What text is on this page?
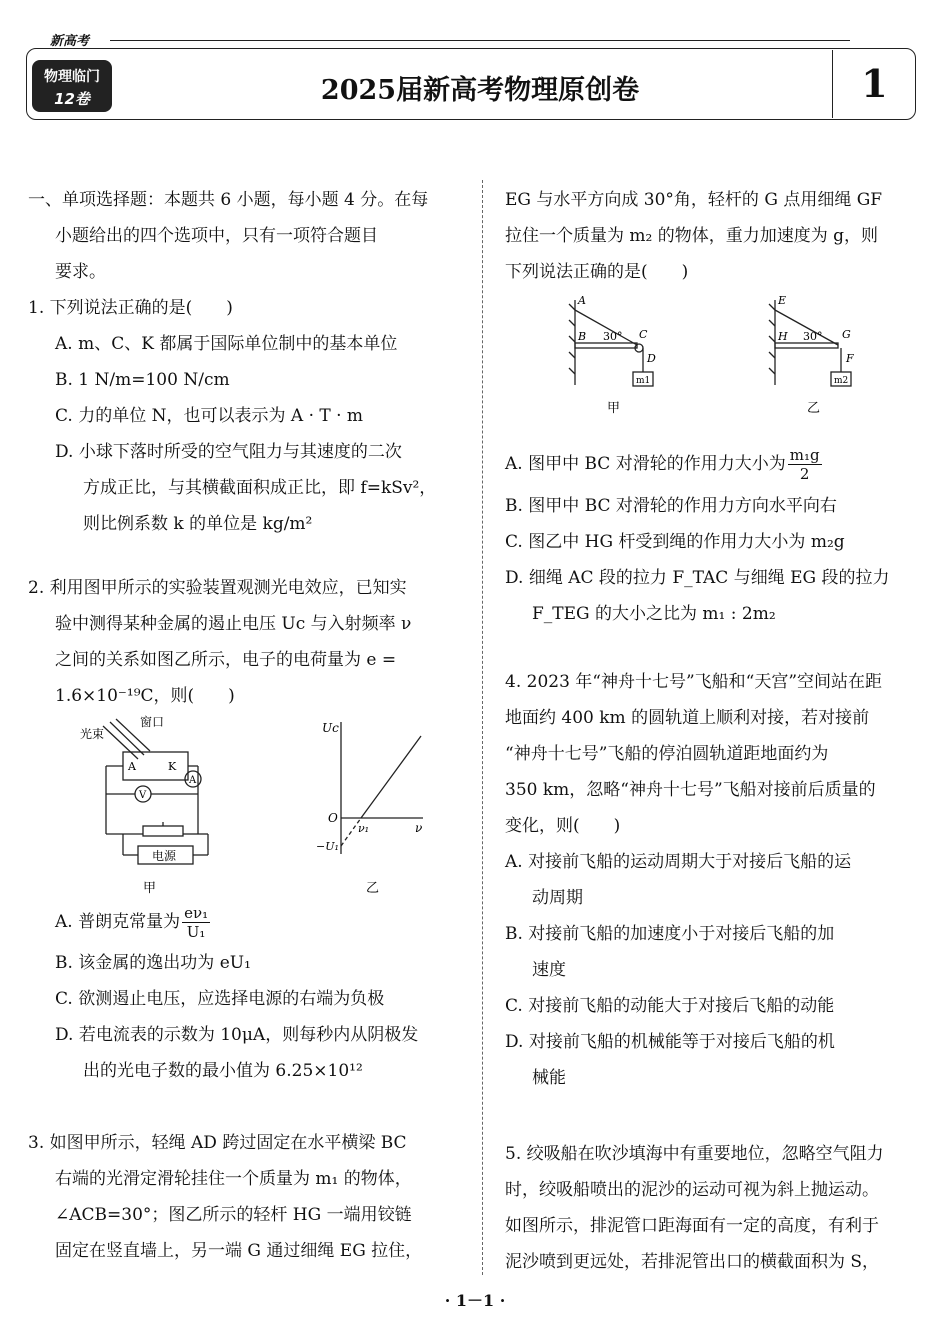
新高考
物理临门
12卷	2025届新高考物理原创卷	1

一、单项选择题：本题共 6 小题，每小题 4 分。在每

小题给出的四个选项中，只有一项符合题目

要求。

1. 下列说法正确的是(　　)

A. m、C、K 都属于国际单位制中的基本单位

B. 1 N/m=100 N/cm

C. 力的单位 N，也可以表示为 A · T · m

D. 小球下落时所受的空气阻力与其速度的二次

方成正比，与其横截面积成正比，即 f=kSv²，

则比例系数 k 的单位是 kg/m²

2. 利用图甲所示的实验装置观测光电效应，已知实

验中测得某种金属的遏止电压 Uc 与入射频率 ν

之间的关系如图乙所示，电子的电荷量为 e =

1.6×10⁻¹⁹C，则(　　)

窗口
光束
K
A
V
A
电源
甲
Uc
ν
O
ν₁
−U₁
乙

A. 普朗克常量为 $\frac{\text{eν₁}}{\text{U₁}}$

B. 该金属的逸出功为 eU₁

C. 欲测遏止电压，应选择电源的右端为负极

D. 若电流表的示数为 10μA，则每秒内从阴极发

出的光电子数的最小值为 6.25×10¹²

3. 如图甲所示，轻绳 AD 跨过固定在水平横梁 BC

右端的光滑定滑轮挂住一个质量为 m₁ 的物体，

∠ACB=30°；图乙所示的轻杆 HG 一端用铰链

固定在竖直墙上，另一端 G 通过细绳 EG 拉住，

EG 与水平方向成 30°角，轻杆的 G 点用细绳 GF

拉住一个质量为 m₂ 的物体，重力加速度为 g，则

下列说法正确的是(　　)

A
B	C
D
30°
m1
E
H	G
F
30°
m2
甲	乙

A. 图甲中 BC 对滑轮的作用力大小为 $\frac{\text{m₁g}}{2}$

B. 图甲中 BC 对滑轮的作用力方向水平向右

C. 图乙中 HG 杆受到绳的作用力大小为 m₂g

D. 细绳 AC 段的拉力 F_TAC 与细绳 EG 段的拉力

F_TEG 的大小之比为 m₁ : 2m₂

4. 2023 年“神舟十七号”飞船和“天宫”空间站在距

地面约 400 km 的圆轨道上顺利对接，若对接前

“神舟十七号”飞船的停泊圆轨道距地面约为

350 km，忽略“神舟十七号”飞船对接前后质量的

变化，则(　　)

A. 对接前飞船的运动周期大于对接后飞船的运

动周期

B. 对接前飞船的加速度小于对接后飞船的加

速度

C. 对接前飞船的动能大于对接后飞船的动能

D. 对接前飞船的机械能等于对接后飞船的机

械能

5. 绞吸船在吹沙填海中有重要地位，忽略空气阻力

时，绞吸船喷出的泥沙的运动可视为斜上抛运动。

如图所示，排泥管口距海面有一定的高度，有利于

泥沙喷到更远处，若排泥管出口的横截面积为 S，

· 1－1 ·
